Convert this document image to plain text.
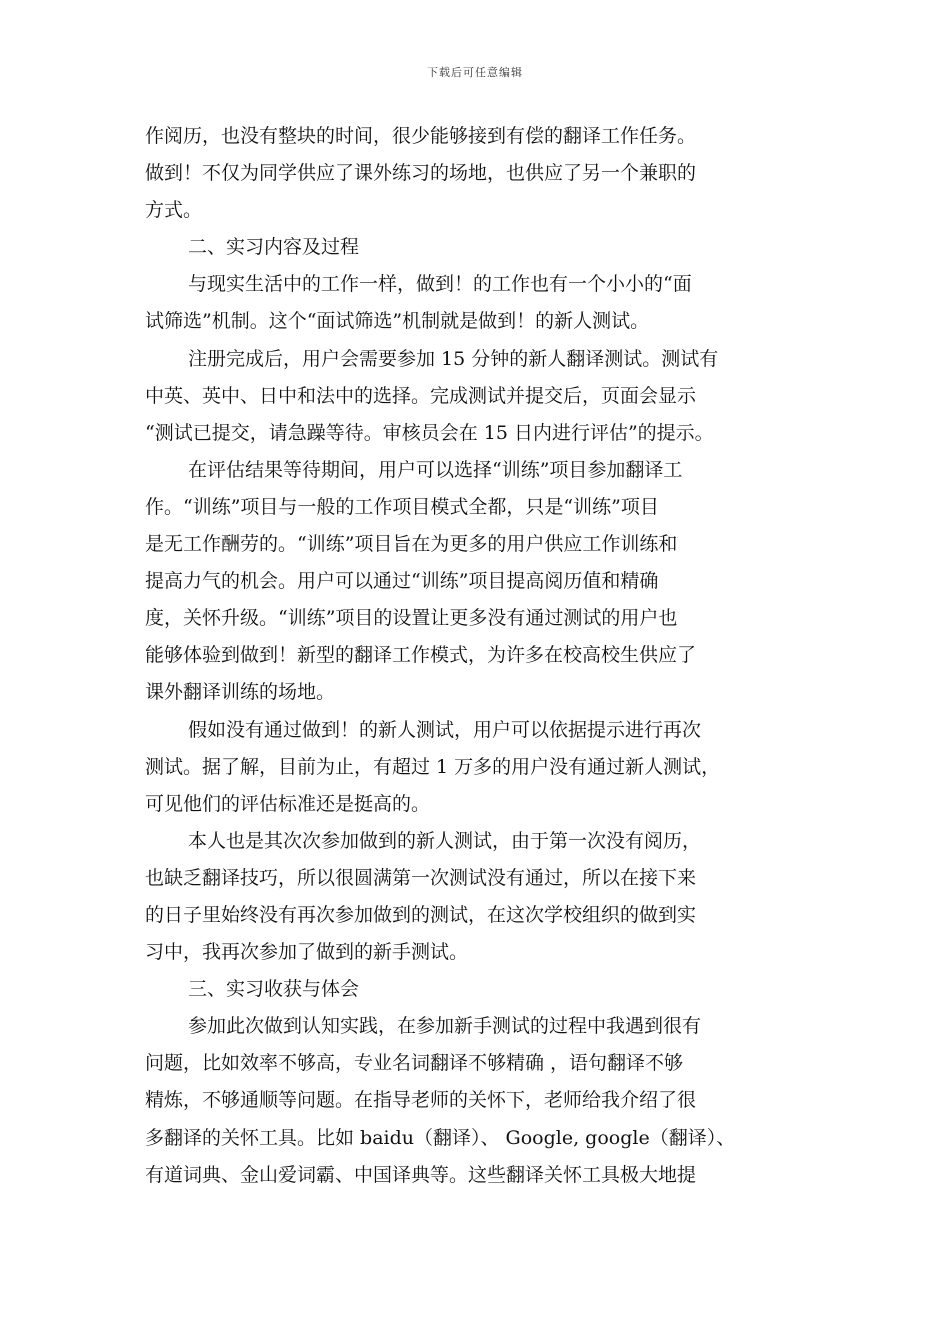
下载后可任意编辑
作阅历，也没有整块的时间，很少能够接到有偿的翻译工作任务。
做到！不仅为同学供应了课外练习的场地，也供应了另一个兼职的
方式。
二、实习内容及过程
与现实生活中的工作一样，做到！的工作也有一个小小的“面
试筛选”机制。这个“面试筛选”机制就是做到！的新人测试。
注册完成后，用户会需要参加 15 分钟的新人翻译测试。测试有
中英、英中、日中和法中的选择。完成测试并提交后，页面会显示
“测试已提交，请急躁等待。审核员会在 15 日内进行评估”的提示。
在评估结果等待期间，用户可以选择“训练”项目参加翻译工
作。“训练”项目与一般的工作项目模式全都，只是“训练”项目
是无工作酬劳的。“训练”项目旨在为更多的用户供应工作训练和
提高力气的机会。用户可以通过“训练”项目提高阅历值和精确
度，关怀升级。“训练”项目的设置让更多没有通过测试的用户也
能够体验到做到！新型的翻译工作模式，为许多在校高校生供应了
课外翻译训练的场地。
假如没有通过做到！的新人测试，用户可以依据提示进行再次
测试。据了解，目前为止，有超过 1 万多的用户没有通过新人测试，
可见他们的评估标准还是挺高的。
本人也是其次次参加做到的新人测试，由于第一次没有阅历，
也缺乏翻译技巧，所以很圆满第一次测试没有通过，所以在接下来
的日子里始终没有再次参加做到的测试，在这次学校组织的做到实
习中，我再次参加了做到的新手测试。
三、实习收获与体会
参加此次做到认知实践，在参加新手测试的过程中我遇到很有
问题，比如效率不够高，专业名词翻译不够精确 ，语句翻译不够
精炼，不够通顺等问题。在指导老师的关怀下，老师给我介绍了很
多翻译的关怀工具。比如 baidu（翻译）、 Google, google（翻译）、
有道词典、金山爱词霸、中国译典等。这些翻译关怀工具极大地提
